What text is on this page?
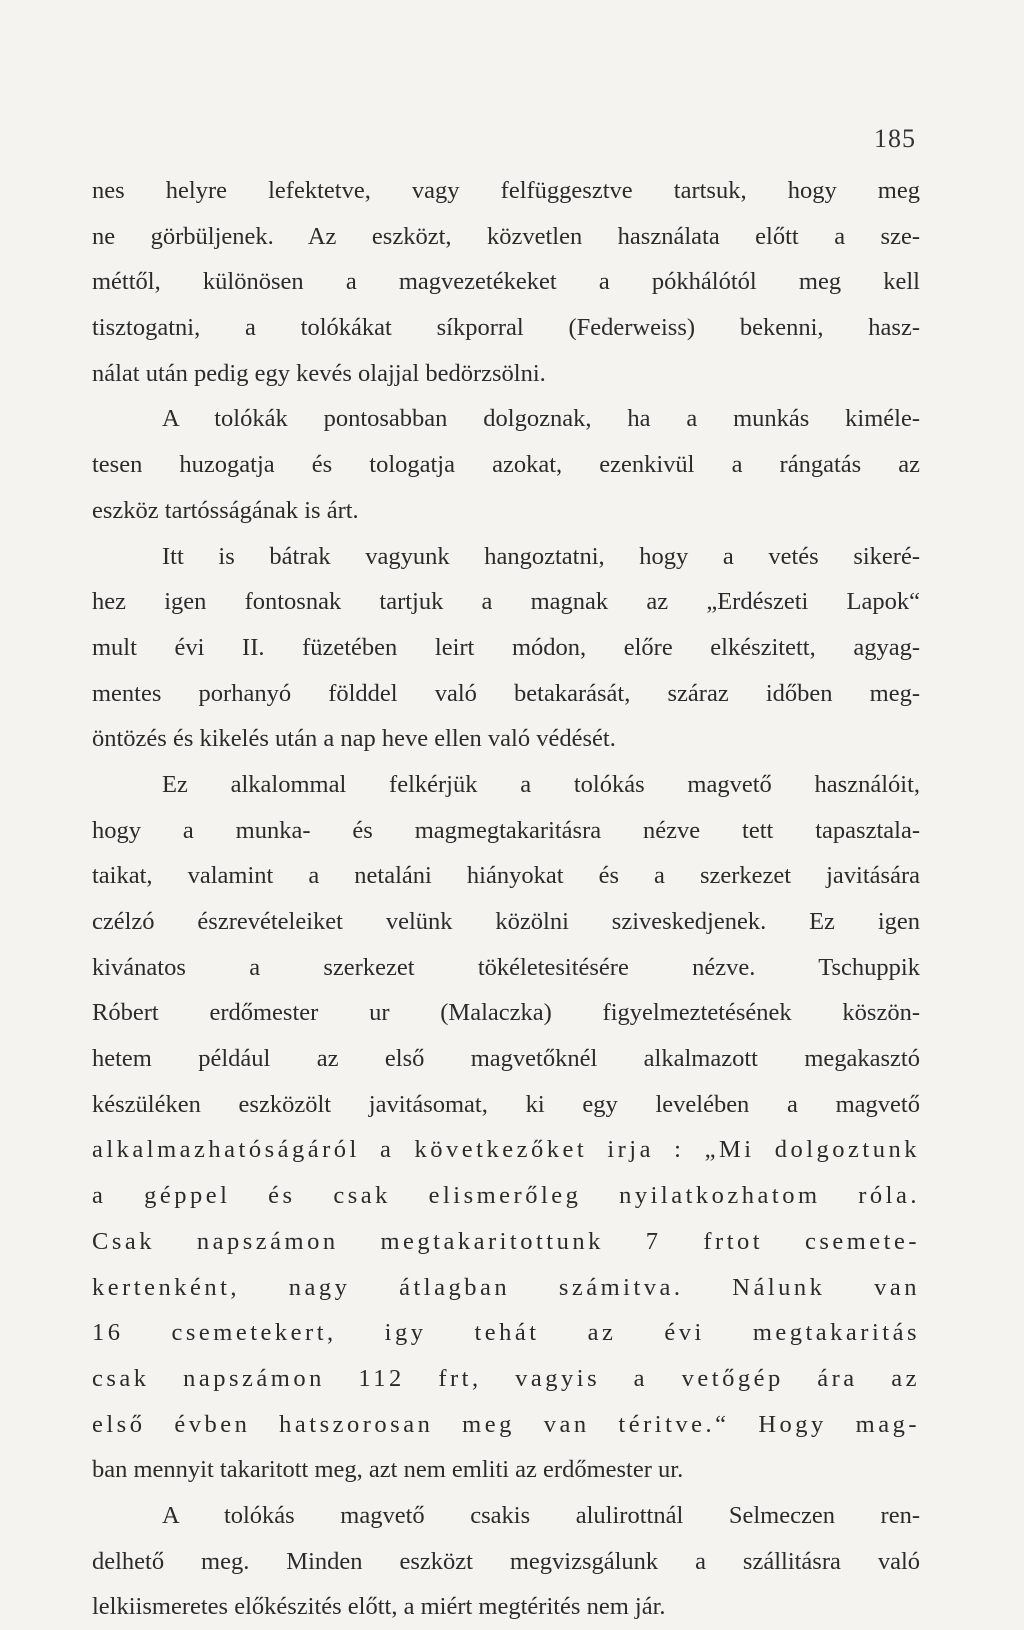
185
nes helyre lefektetve, vagy felfüggesztve tartsuk, hogy meg
ne görbüljenek. Az eszközt, közvetlen használata előtt a sze-
méttől, különösen a magvezetékeket a pókhálótól meg kell
tisztogatni, a tolókákat síkporral (Federweiss) bekenni, hasz-
nálat után pedig egy kevés olajjal bedörzsölni.
A tolókák pontosabban dolgoznak, ha a munkás kiméle-
tesen huzogatja és tologatja azokat, ezenkivül a rángatás az
eszköz tartósságának is árt.
Itt is bátrak vagyunk hangoztatni, hogy a vetés sikeré-
hez igen fontosnak tartjuk a magnak az „Erdészeti Lapok“
mult évi II. füzetében leirt módon, előre elkészitett, agyag-
mentes porhanyó földdel való betakarását, száraz időben meg-
öntözés és kikelés után a nap heve ellen való védését.
Ez alkalommal felkérjük a tolókás magvető használóit,
hogy a munka- és magmegtakaritásra nézve tett tapasztala-
taikat, valamint a netaláni hiányokat és a szerkezet javitására
czélzó észrevételeiket velünk közölni sziveskedjenek. Ez igen
kivánatos a szerkezet tökéletesitésére nézve. Tschuppik
Róbert erdőmester ur (Malaczka) figyelmeztetésének köszön-
hetem például az első magvetőknél alkalmazott megakasztó
készüléken eszközölt javitásomat, ki egy levelében a magvető
alkalmazhatóságáról a következőket irja : „Mi dolgoztunk
a géppel és csak elismerőleg nyilatkozhatom róla.
Csak napszámon megtakaritottunk 7 frtot csemete-
kertenként, nagy átlagban számitva. Nálunk van
16 csemetekert, igy tehát az évi megtakaritás
csak napszámon 112 frt, vagyis a vetőgép ára az
első évben hatszorosan meg van téritve.“ Hogy mag-
ban mennyit takaritott meg, azt nem emliti az erdőmester ur.
A tolókás magvető csakis alulirottnál Selmeczen ren-
delhető meg. Minden eszközt megvizsgálunk a szállitásra való
lelkiismeretes előkészités előtt, a miért megtérités nem jár.
